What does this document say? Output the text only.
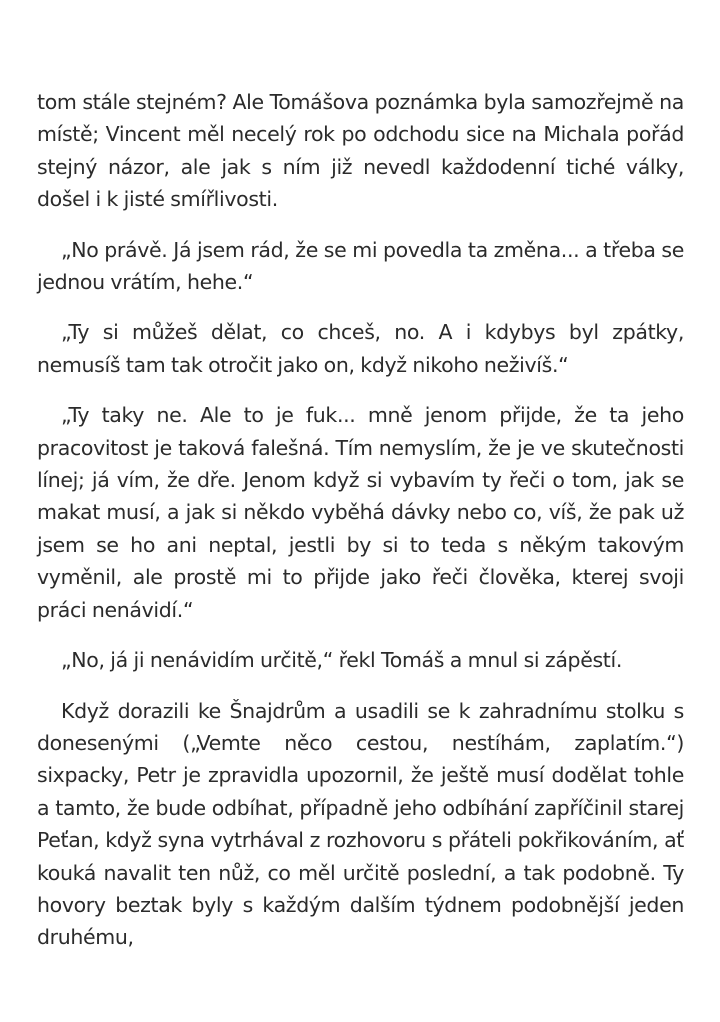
tom stále stejném? Ale Tomášova poznámka byla samozřejmě na místě; Vincent měl necelý rok po odchodu sice na Michala pořád stejný názor, ale jak s ním již nevedl každodenní tiché války, došel i k jisté smířlivosti.

„No právě. Já jsem rád, že se mi povedla ta změna... a třeba se jednou vrátím, hehe.“

„Ty si můžeš dělat, co chceš, no. A i kdybys byl zpátky, nemusíš tam tak otročit jako on, když nikoho neživíš.“

„Ty taky ne. Ale to je fuk... mně jenom přijde, že ta jeho pracovitost je taková falešná. Tím nemyslím, že je ve skutečnosti línej; já vím, že dře. Jenom když si vybavím ty řeči o tom, jak se makat musí, a jak si někdo vyběhá dávky nebo co, víš, že pak už jsem se ho ani neptal, jestli by si to teda s někým takovým vyměnil, ale prostě mi to přijde jako řeči člověka, kterej svoji práci nenávidí.“

„No, já ji nenávidím určitě,“ řekl Tomáš a mnul si zápěstí.

Když dorazili ke Šnajdrům a usadili se k zahradnímu stolku s donesenými („Vemte něco cestou, nestíhám, zaplatím.“) sixpacky, Petr je zpravidla upozornil, že ještě musí dodělat tohle a tamto, že bude odbíhat, případně jeho odbíhání zapříčinil starej Peťan, když syna vytrhával z rozhovoru s přáteli pokřikováním, ať kouká navalit ten nůž, co měl určitě poslední, a tak podobně. Ty hovory beztak byly s každým dalším týdnem podobnější jeden druhému,
